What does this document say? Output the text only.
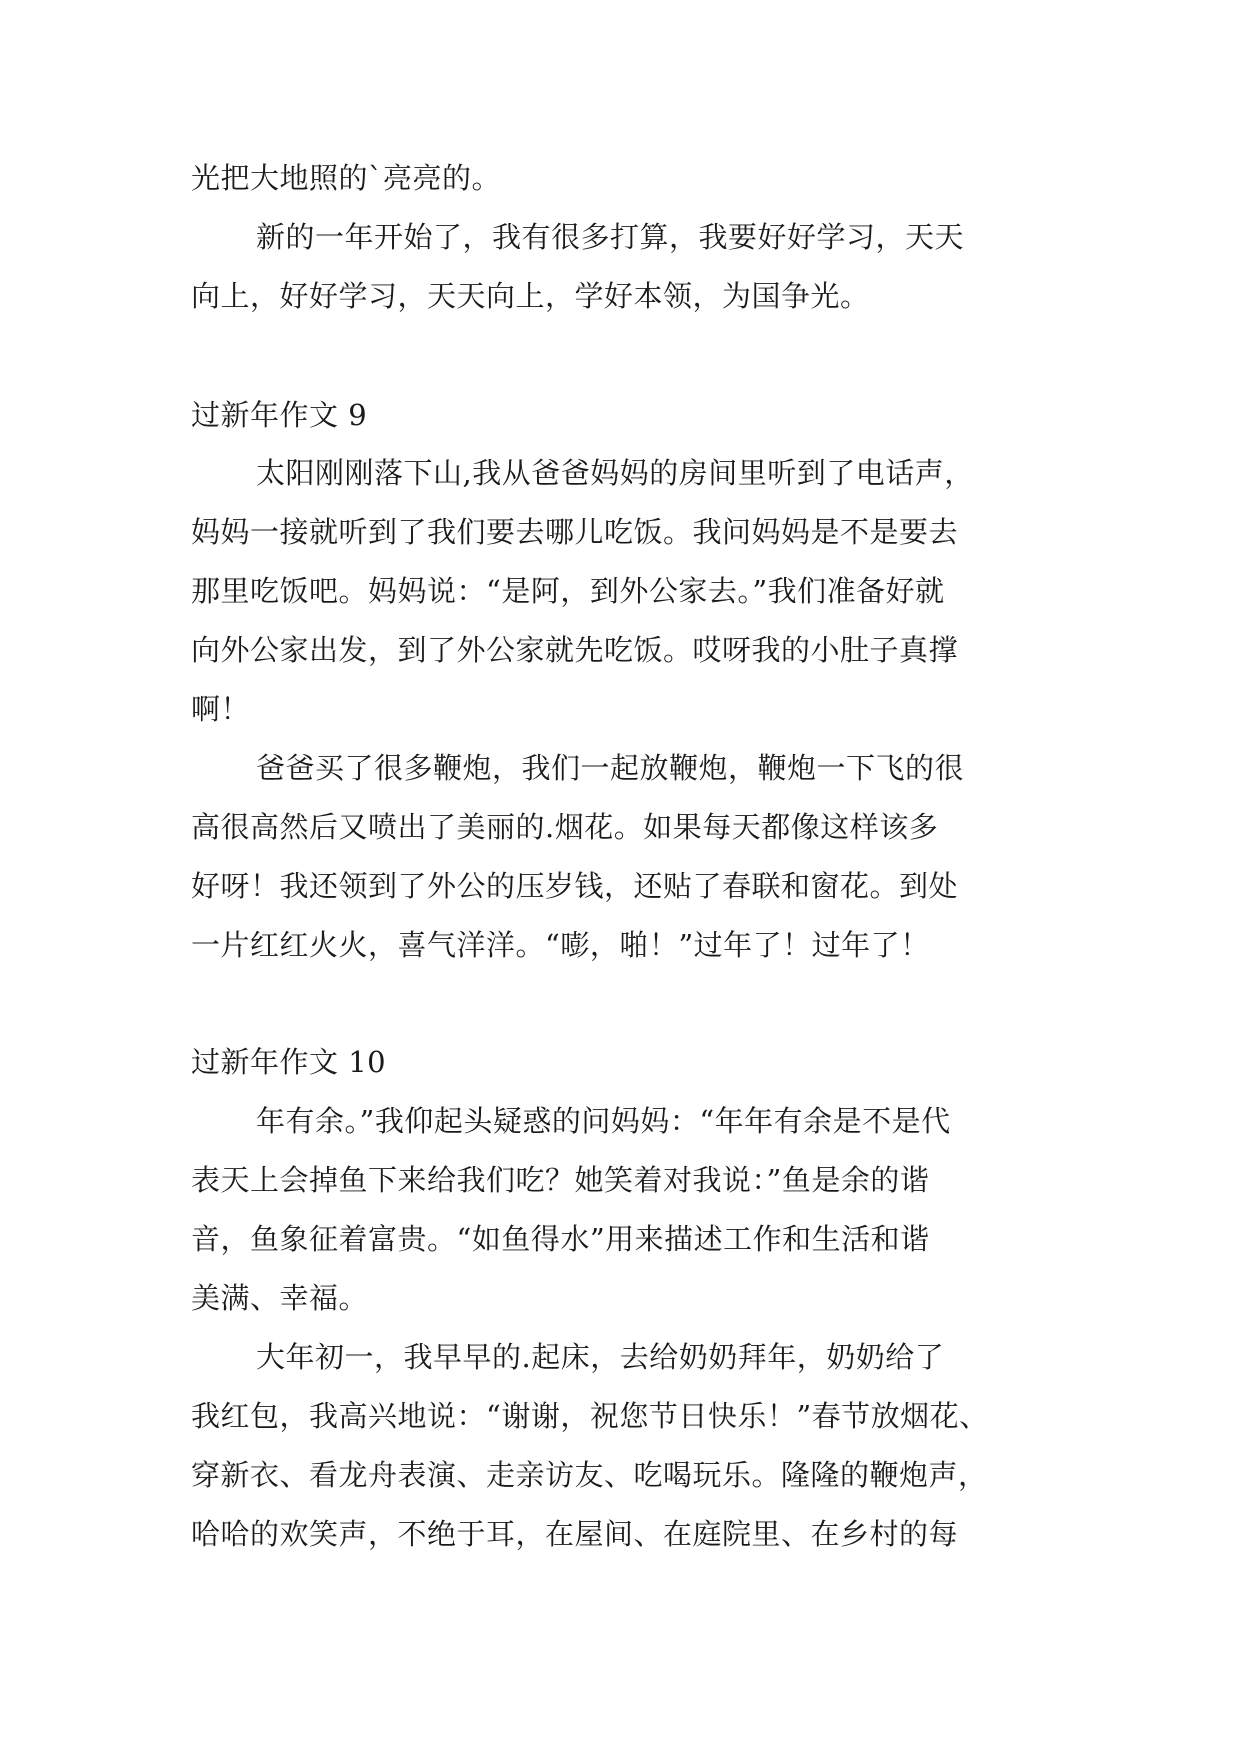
光把大地照的`亮亮的。
新的一年开始了，我有很多打算，我要好好学习，天天
向上，好好学习，天天向上，学好本领，为国争光。
过新年作文 9
太阳刚刚落下山,我从爸爸妈妈的房间里听到了电话声，
妈妈一接就听到了我们要去哪儿吃饭。我问妈妈是不是要去
那里吃饭吧。妈妈说：“是阿，到外公家去。”我们准备好就
向外公家出发，到了外公家就先吃饭。哎呀我的小肚子真撑
啊！
爸爸买了很多鞭炮，我们一起放鞭炮，鞭炮一下飞的很
高很高然后又喷出了美丽的.烟花。如果每天都像这样该多
好呀！我还领到了外公的压岁钱，还贴了春联和窗花。到处
一片红红火火，喜气洋洋。“嘭，啪！”过年了！过年了！
过新年作文 10
年有余。”我仰起头疑惑的问妈妈：“年年有余是不是代
表天上会掉鱼下来给我们吃？她笑着对我说：”鱼是余的谐
音，鱼象征着富贵。“如鱼得水”用来描述工作和生活和谐
美满、幸福。
大年初一，我早早的.起床，去给奶奶拜年，奶奶给了
我红包，我高兴地说：“谢谢，祝您节日快乐！”春节放烟花、
穿新衣、看龙舟表演、走亲访友、吃喝玩乐。隆隆的鞭炮声，
哈哈的欢笑声，不绝于耳，在屋间、在庭院里、在乡村的每
